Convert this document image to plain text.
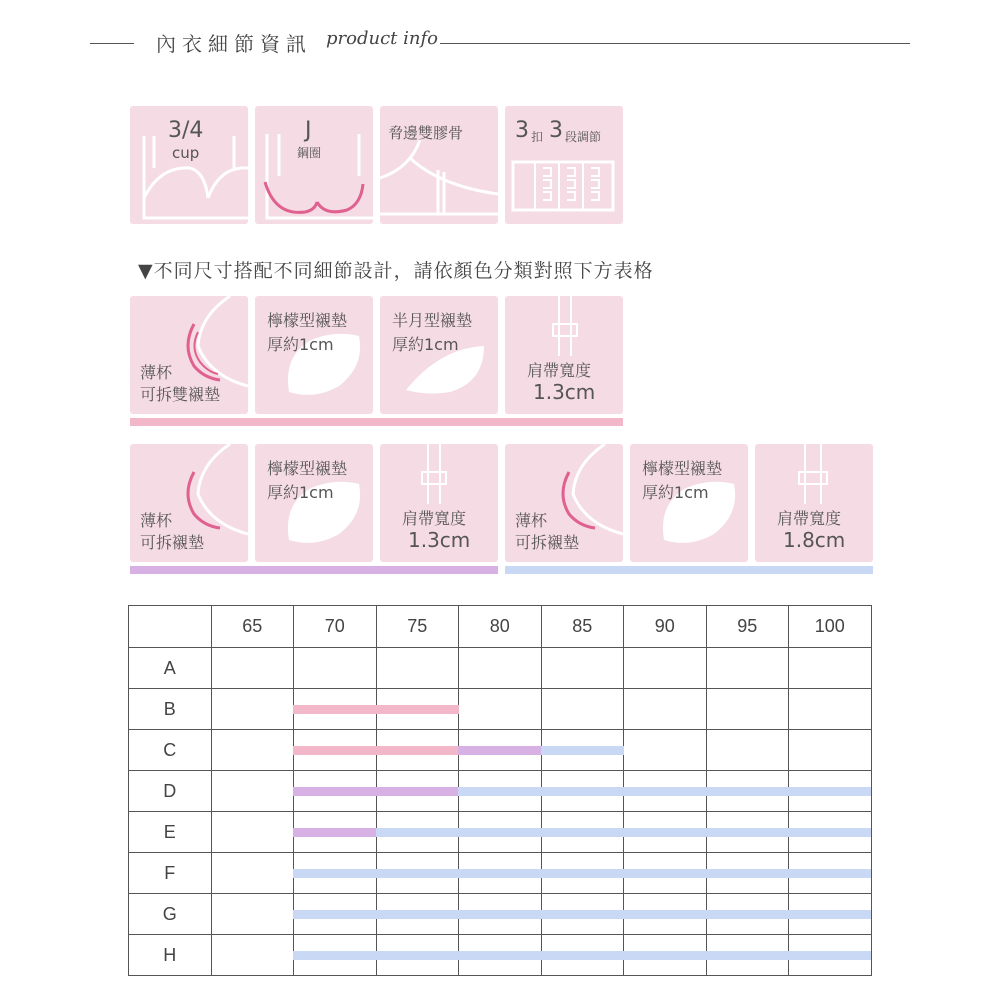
內衣細節資訊 product info
3/4
cup
J
鋼圈
脅邊雙膠骨 3 扣 3 段調節
▼不同尺寸搭配不同細節設計，請依顏色分類對照下方表格
薄杯
可拆雙襯墊
檸檬型襯墊
厚約1cm
半月型襯墊
厚約1cm
肩帶寬度
1.3cm
薄杯
可拆襯墊
檸檬型襯墊
厚約1cm
肩帶寬度
1.3cm
薄杯
可拆襯墊
檸檬型襯墊
厚約1cm
肩帶寬度
1.8cm
	65	70	75	80	85	90	95	100
A								
B								
C								
D								
E								
F								
G								
H								
